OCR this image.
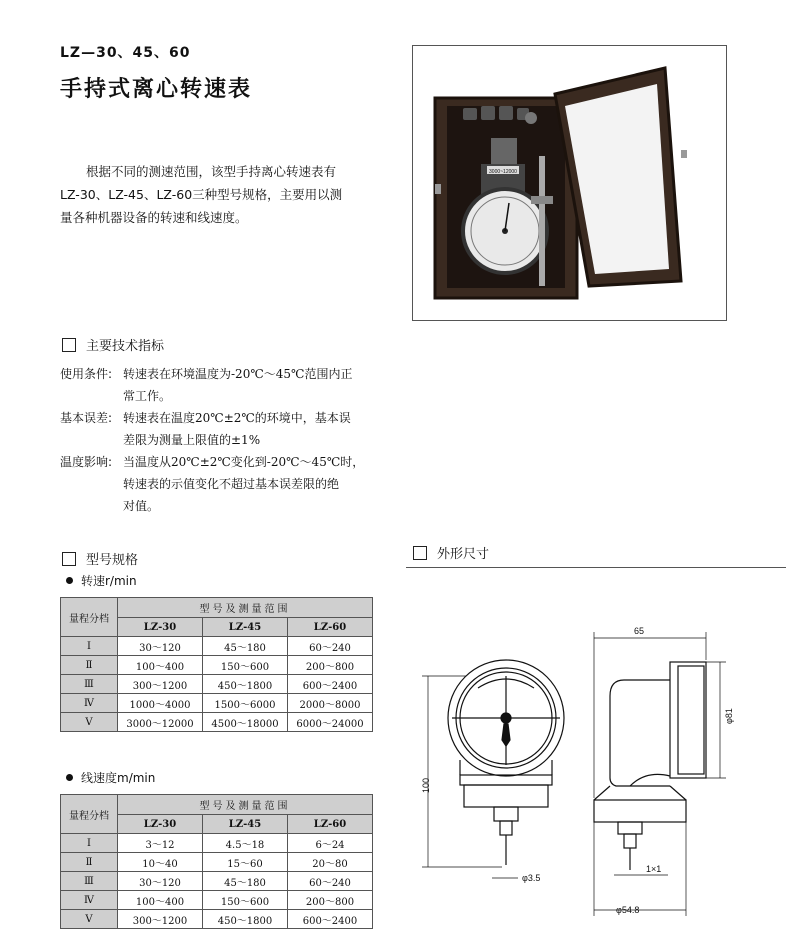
LZ—30、45、60
手持式离心转速表

根据不同的测速范围，该型手持离心转速表有

LZ-30、LZ-45、LZ-60三种型号规格，主要用以测

量各种机器设备的转速和线速度。

3000~12000
主要技术指标
使用条件: 转速表在环境温度为-20℃～45℃范围内正
常工作。
基本误差: 转速表在温度20℃±2℃的环境中，基本误
差限为测量上限值的±1%
温度影响: 当温度从20℃±2℃变化到-20℃～45℃时，
转速表的示值变化不超过基本误差限的绝
对值。
型号规格
转速r/min
量程分档	型号及测量范围		
	LZ-30	LZ-45	LZ-60
Ⅰ	30～120	45～180	60～240
Ⅱ	100～400	150～600	200～800
Ⅲ	300～1200	450～1800	600～2400
Ⅳ	1000～4000	1500～6000	2000～8000
Ⅴ	3000～12000	4500～18000	6000～24000
线速度m/min
量程分档	型号及测量范围		
	LZ-30	LZ-45	LZ-60
Ⅰ	3～12	4.5～18	6～24
Ⅱ	10～40	15～60	20～80
Ⅲ	30～120	45～180	60～240
Ⅳ	100～400	150～600	200～800
Ⅴ	300～1200	450～1800	600～2400
外形尺寸
65
100
φ81
φ3.5
1×1
φ54.8
